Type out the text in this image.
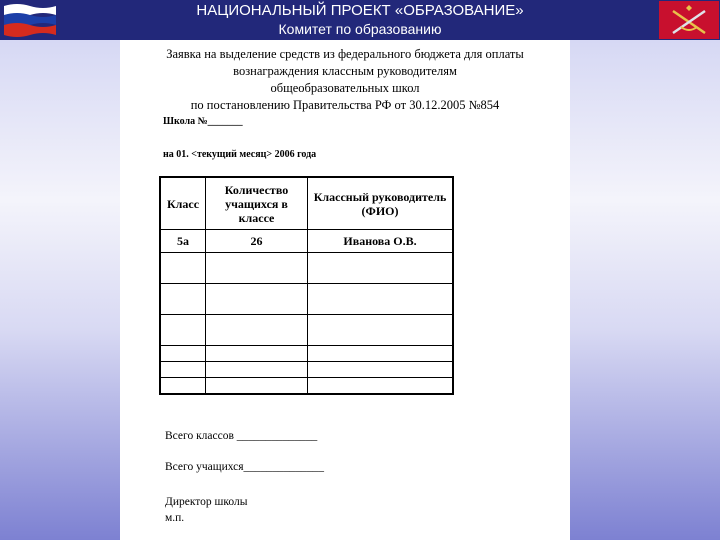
НАЦИОНАЛЬНЫЙ ПРОЕКТ «ОБРАЗОВАНИЕ»
Комитет по образованию
Заявка на выделение средств из федерального бюджета для оплаты
вознаграждения классным руководителям
общеобразовательных школ
по постановлению Правительства РФ от 30.12.2005 №854
Школа №_______
на 01. <текущий месяц> 2006 года
Класс	Количество учащихся в классе	Классный руководитель (ФИО)
5а	26	Иванова О.В.

Всего классов ______________
Всего учащихся______________
Директор школы
м.п.
